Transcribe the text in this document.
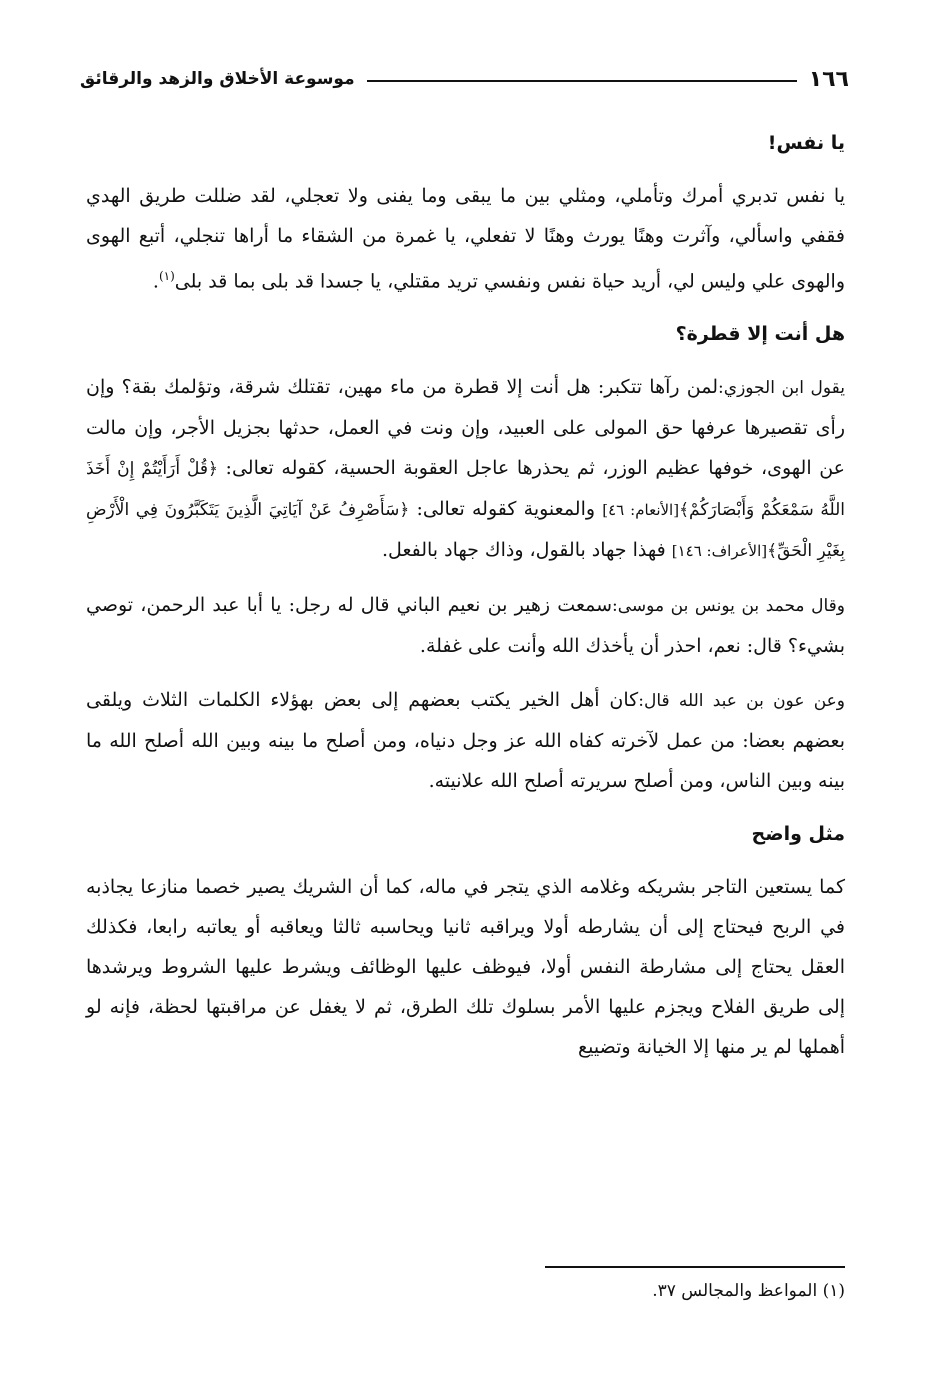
١٦٦
موسوعة الأخلاق والزهد والرقائق
يا نفس!

يا نفس تدبري أمرك وتأملي، ومثلي بين ما يبقى وما يفنى ولا تعجلي، لقد ضللت طريق الهدي فقفي واسألي، وآثرت وهنًا يورث وهنًا لا تفعلي، يا غمرة من الشقاء ما أراها تنجلي، أتبع الهوى والهوى علي وليس لي، أريد حياة نفس ونفسي تريد مقتلي، يا جسدا قد بلى بما قد بلى$^{(١)}$.

هل أنت إلا قطرة؟

يقول ابن الجوزي:لمن رآها تتكبر: هل أنت إلا قطرة من ماء مهين، تقتلك شرقة، وتؤلمك بقة؟ وإن رأى تقصيرها عرفها حق المولى على العبيد، وإن ونت في العمل، حدثها بجزيل الأجر، وإن مالت عن الهوى، خوفها عظيم الوزر، ثم يحذرها عاجل العقوبة الحسية، كقوله تعالى: ﴿قُلْ أَرَأَيْتُمْ إِنْ أَخَذَ اللَّهُ سَمْعَكُمْ وَأَبْصَارَكُمْ﴾[الأنعام: ٤٦] والمعنوية كقوله تعالى: ﴿سَأَصْرِفُ عَنْ آيَاتِيَ الَّذِينَ يَتَكَبَّرُونَ فِي الْأَرْضِ بِغَيْرِ الْحَقِّ﴾[الأعراف: ١٤٦] فهذا جهاد بالقول، وذاك جهاد بالفعل.

وقال محمد بن يونس بن موسى:سمعت زهير بن نعيم الباني قال له رجل: يا أبا عبد الرحمن، توصي بشيء؟ قال: نعم، احذر أن يأخذك الله وأنت على غفلة.

وعن عون بن عبد الله قال:كان أهل الخير يكتب بعضهم إلى بعض بهؤلاء الكلمات الثلاث ويلقى بعضهم بعضا: من عمل لآخرته كفاه الله عز وجل دنياه، ومن أصلح ما بينه وبين الله أصلح الله ما بينه وبين الناس، ومن أصلح سريرته أصلح الله علانيته.

مثل واضح

كما يستعين التاجر بشريكه وغلامه الذي يتجر في ماله، كما أن الشريك يصير خصما منازعا يجاذبه في الربح فيحتاج إلى أن يشارطه أولا ويراقبه ثانيا ويحاسبه ثالثا ويعاقبه أو يعاتبه رابعا، فكذلك العقل يحتاج إلى مشارطة النفس أولا، فيوظف عليها الوظائف ويشرط عليها الشروط ويرشدها إلى طريق الفلاح ويجزم عليها الأمر بسلوك تلك الطرق، ثم لا يغفل عن مراقبتها لحظة، فإنه لو أهملها لم ير منها إلا الخيانة وتضييع

(١) المواعظ والمجالس ٣٧.
